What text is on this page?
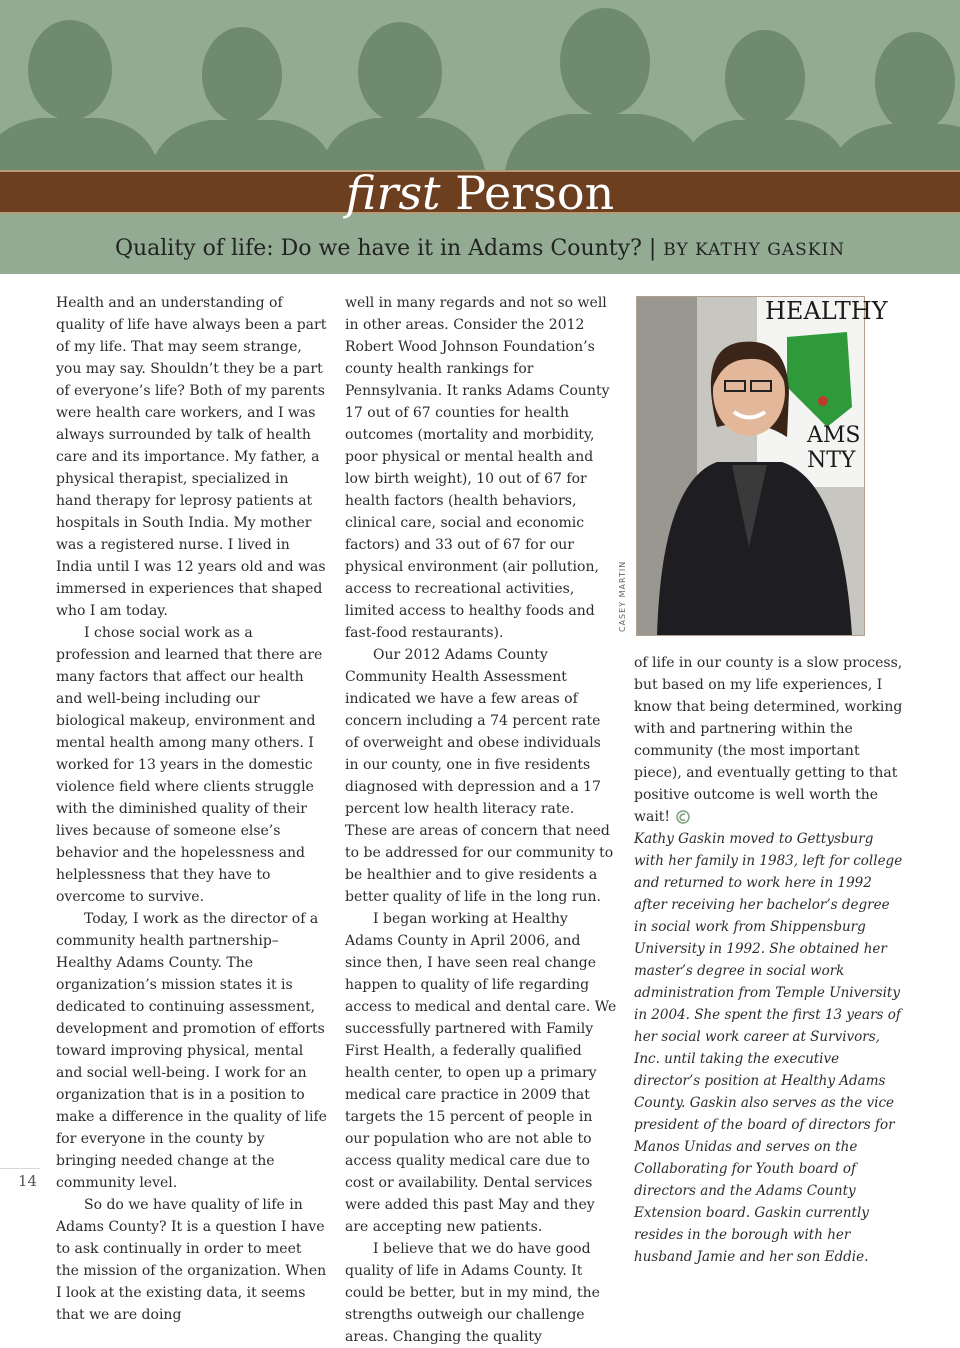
first Person
Quality of life: Do we have it in Adams County? | BY KATHY GASKIN

Health and an understanding of quality of life have always been a part of my life. That may seem strange, you may say. Shouldn’t they be a part of everyone’s life? Both of my parents were health care workers, and I was always surrounded by talk of health care and its importance. My father, a physical therapist, specialized in hand therapy for leprosy patients at hospitals in South India. My mother was a registered nurse. I lived in India until I was 12 years old and was immersed in experiences that shaped who I am today.

I chose social work as a profession and learned that there are many factors that affect our health and well-being including our biological makeup, environment and mental health among many others. I worked for 13 years in the domestic violence field where clients struggle with the diminished quality of their lives because of someone else’s behavior and the hopelessness and helplessness that they have to overcome to survive.

Today, I work as the director of a community health partnership–Healthy Adams County. The organization’s mission states it is dedicated to continuing assessment, development and promotion of efforts toward improving physical, mental and social well-being. I work for an organization that is in a position to make a difference in the quality of life for everyone in the county by bringing needed change at the community level.

So do we have quality of life in Adams County? It is a question I have to ask continually in order to meet the mission of the organization. When I look at the existing data, it seems that we are doing

well in many regards and not so well in other areas. Consider the 2012 Robert Wood Johnson Foundation’s county health rankings for Pennsylvania. It ranks Adams County 17 out of 67 counties for health outcomes (mortality and morbidity, poor physical or mental health and low birth weight), 10 out of 67 for health factors (health behaviors, clinical care, social and economic factors) and 33 out of 67 for our physical environment (air pollution, access to recreational activities, limited access to healthy foods and fast-food restaurants).

Our 2012 Adams County Community Health Assessment indicated we have a few areas of concern including a 74 percent rate of overweight and obese individuals in our county, one in five residents diagnosed with depression and a 17 percent low health literacy rate. These are areas of concern that need to be addressed for our community to be healthier and to give residents a better quality of life in the long run.

I began working at Healthy Adams County in April 2006, and since then, I have seen real change happen to quality of life regarding access to medical and dental care. We successfully partnered with Family First Health, a federally qualified health center, to open up a primary medical care practice in 2009 that targets the 15 percent of people in our population who are not able to access quality medical care due to cost or availability. Dental services were added this past May and they are accepting new patients.

I believe that we do have good quality of life in Adams County. It could be better, but in my mind, the strengths outweigh our challenge areas. Changing the quality

HEALTHY
AMS
NTY
CASEY MARTIN

of life in our county is a slow process, but based on my life experiences, I know that being determined, working with and partnering within the community (the most important piece), and eventually getting to that positive outcome is well worth the wait!

Kathy Gaskin moved to Gettysburg with her family in 1983, left for college and returned to work here in 1992 after receiving her bachelor’s degree in social work from Shippensburg University in 1992. She obtained her master’s degree in social work administration from Temple University in 2004. She spent the first 13 years of her social work career at Survivors, Inc. until taking the executive director’s position at Healthy Adams County. Gaskin also serves as the vice president of the board of directors for Manos Unidas and serves on the Collaborating for Youth board of directors and the Adams County Extension board. Gaskin currently resides in the borough with her husband Jamie and her son Eddie.
14
